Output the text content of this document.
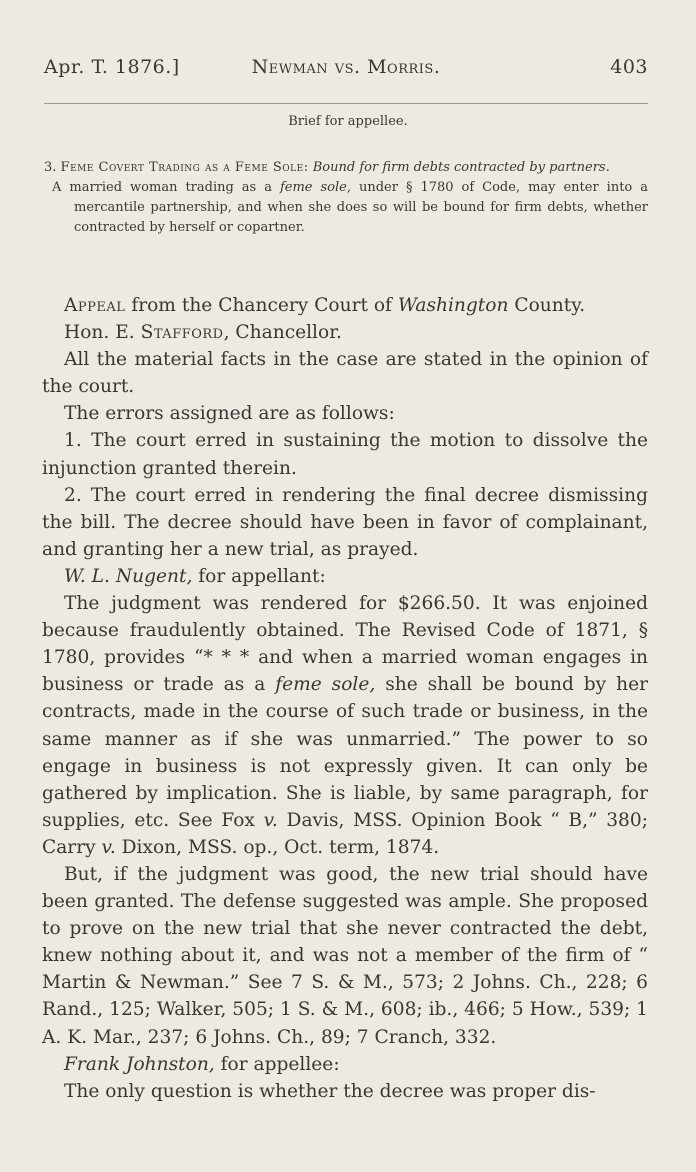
Apr. T. 1876.]	Newman vs. Morris.	403
Brief for appellee.
3. Feme Covert Trading as a Feme Sole: Bound for firm debts contracted by partners.
A married woman trading as a feme sole, under § 1780 of Code, may enter into a mercantile partnership, and when she does so will be bound for firm debts, whether contracted by herself or copartner.

Appeal from the Chancery Court of Washington County.

Hon. E. Stafford, Chancellor.

All the material facts in the case are stated in the opinion of the court.

The errors assigned are as follows:

1. The court erred in sustaining the motion to dissolve the injunction granted therein.

2. The court erred in rendering the final decree dismissing the bill. The decree should have been in favor of complainant, and granting her a new trial, as prayed.

W. L. Nugent, for appellant:

The judgment was rendered for $266.50. It was enjoined because fraudulently obtained. The Revised Code of 1871, § 1780, provides “* * * and when a married woman engages in business or trade as a feme sole, she shall be bound by her contracts, made in the course of such trade or business, in the same manner as if she was unmarried.” The power to so engage in business is not expressly given. It can only be gathered by implication. She is liable, by same paragraph, for supplies, etc. See Fox v. Davis, MSS. Opinion Book “ B,” 380; Carry v. Dixon, MSS. op., Oct. term, 1874.

But, if the judgment was good, the new trial should have been granted. The defense suggested was ample. She proposed to prove on the new trial that she never contracted the debt, knew nothing about it, and was not a member of the firm of “ Martin & Newman.” See 7 S. & M., 573; 2 Johns. Ch., 228; 6 Rand., 125; Walker, 505; 1 S. & M., 608; ib., 466; 5 How., 539; 1 A. K. Mar., 237; 6 Johns. Ch., 89; 7 Cranch, 332.

Frank Johnston, for appellee:

The only question is whether the decree was proper dis-
